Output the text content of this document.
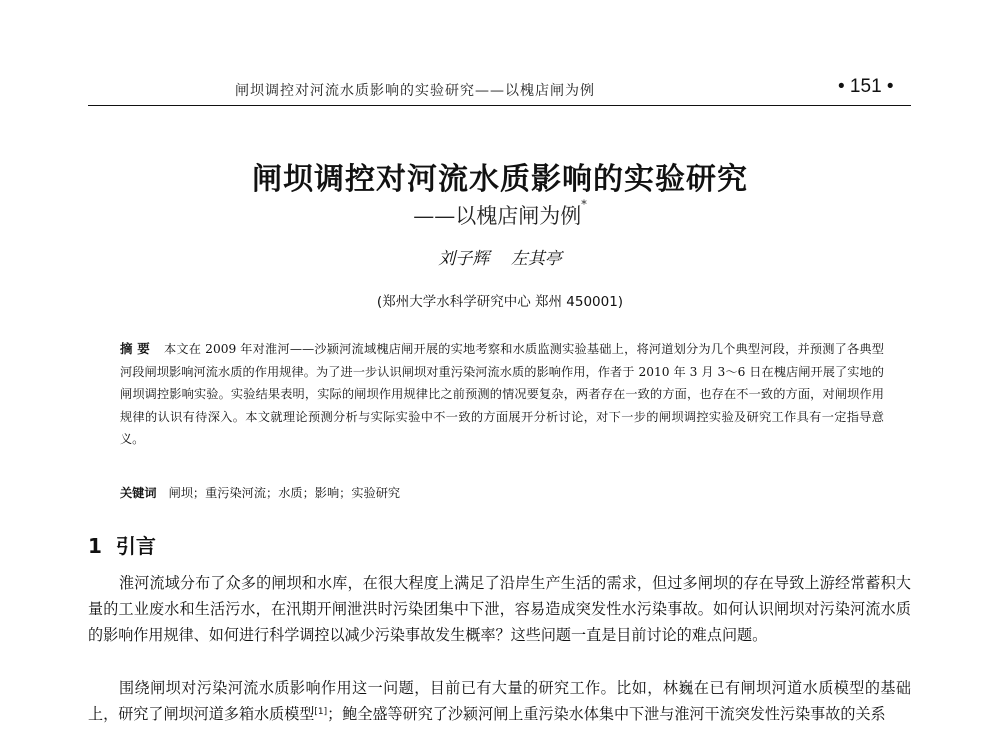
闸坝调控对河流水质影响的实验研究——以槐店闸为例	• 151 •
闸坝调控对河流水质影响的实验研究
——以槐店闸为例*
刘子辉 左其亭
(郑州大学水科学研究中心 郑州 450001)
摘 要 本文在 2009 年对淮河——沙颍河流域槐店闸开展的实地考察和水质监测实验基础上，将河道划分为几个典型河段，并预测了各典型河段闸坝影响河流水质的作用规律。为了进一步认识闸坝对重污染河流水质的影响作用，作者于 2010 年 3 月 3～6 日在槐店闸开展了实地的闸坝调控影响实验。实验结果表明，实际的闸坝作用规律比之前预测的情况要复杂，两者存在一致的方面，也存在不一致的方面，对闸坝作用规律的认识有待深入。本文就理论预测分析与实际实验中不一致的方面展开分析讨论，对下一步的闸坝调控实验及研究工作具有一定指导意义。
关键词 闸坝；重污染河流；水质；影响；实验研究
1 引言

淮河流域分布了众多的闸坝和水库，在很大程度上满足了沿岸生产生活的需求，但过多闸坝的存在导致上游经常蓄积大量的工业废水和生活污水，在汛期开闸泄洪时污染团集中下泄，容易造成突发性水污染事故。如何认识闸坝对污染河流水质的影响作用规律、如何进行科学调控以减少污染事故发生概率？这些问题一直是目前讨论的难点问题。

围绕闸坝对污染河流水质影响作用这一问题，目前已有大量的研究工作。比如，林巍在已有闸坝河道水质模型的基础上，研究了闸坝河道多箱水质模型[1]；鲍全盛等研究了沙颍河闸上重污染水体集中下泄与淮河干流突发性污染事故的关系
